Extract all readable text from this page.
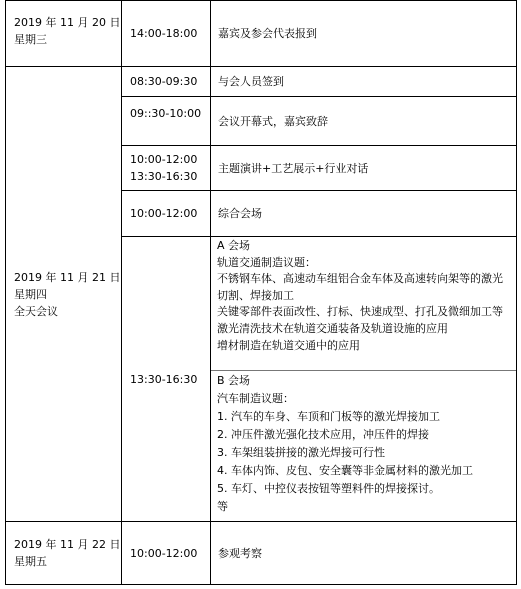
2019 年 11 月 20 日
星期三	14:00-18:00 嘉宾及参会代表报到
2019 年 11 月 21 日
星期四
全天会议
08:30-09:30 与会人员签到
09::30-10:00
会议开幕式，嘉宾致辞
10:00-12:00
13:30-16:30
主题演讲+工艺展示+行业对话
10:00-12:00 综合会场
13:30-16:30
A 会场
轨道交通制造议题：
不锈钢车体、高速动车组铝合金车体及高速转向架等的激光切割、焊接加工
关键零部件表面改性、打标、快速成型、打孔及微细加工等
激光清洗技术在轨道交通装备及轨道设施的应用
增材制造在轨道交通中的应用
B 会场
汽车制造议题：
1. 汽车的车身、车顶和门板等的激光焊接加工
2. 冲压件激光强化技术应用，冲压件的焊接
3. 车架组装拼接的激光焊接可行性
4. 车体内饰、皮包、安全囊等非金属材料的激光加工
5. 车灯、中控仪表按钮等塑料件的焊接探讨。
等
2019 年 11 月 22 日
星期五
10:00-12:00 参观考察
